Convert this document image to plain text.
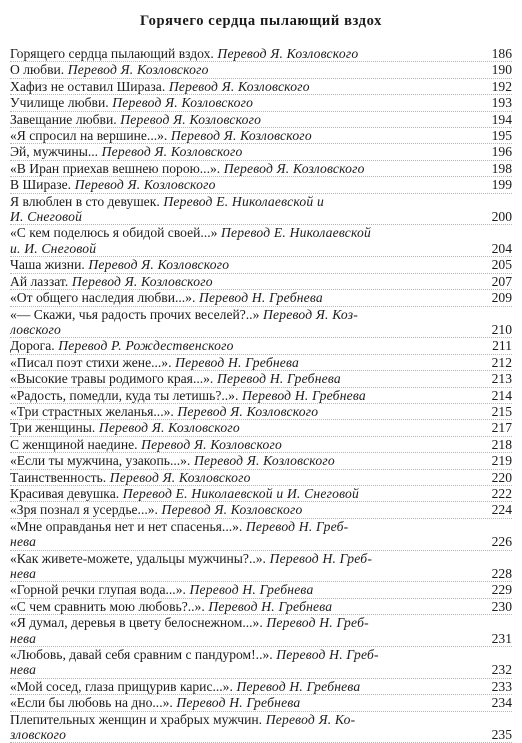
Горячего сердца пылающий вздох
Горящего сердца пылающий вздох. Перевод Я. Козловского	186
О любви. Перевод Я. Козловского	190
Хафиз не оставил Шираза. Перевод Я. Козловского	192
Училище любви. Перевод Я. Козловского	193
Завещание любви. Перевод Я. Козловского	194
«Я спросил на вершине...». Перевод Я. Козловского	195
Эй, мужчины... Перевод Я. Козловского	196
«В Иран приехав вешнею порою...». Перевод Я. Козловского	198
В Ширазе. Перевод Я. Козловского	199
Я влюблен в сто девушек. Перевод Е. Николаевской и
И. Снеговой	200
«С кем поделюсь я обидой своей...» Перевод Е. Николаевской
и. И. Снеговой	204
Чаша жизни. Перевод Я. Козловского	205
Ай лаззат. Перевод Я. Козловского	207
«От общего наследия любви...». Перевод Н. Гребнева	209
«— Скажи, чья радость прочих веселей?..» Перевод Я. Коз-
ловского	210
Дорога. Перевод Р. Рождественского	211
«Писал поэт стихи жене...». Перевод Н. Гребнева	212
«Высокие травы родимого края...». Перевод Н. Гребнева	213
«Радость, помедли, куда ты летишь?..». Перевод Н. Гребнева	214
«Три страстных желанья...». Перевод Я. Козловского	215
Три женщины. Перевод Я. Козловского	217
С женщиной наедине. Перевод Я. Козловского	218
«Если ты мужчина, узакопь...». Перевод Я. Козловского	219
Таинственность. Перевод Я. Козловского	220
Красивая девушка. Перевод Е. Николаевской и И. Снеговой	222
«Зря познал я усердье...». Перевод Я. Козловского	224
«Мне оправданья нет и нет спасенья...». Перевод Н. Греб-
нева	226
«Как живете-можете, удальцы мужчины?..». Перевод Н. Греб-
нева	228
«Горной речки глупая вода...». Перевод Н. Гребнева	229
«С чем сравнить мою любовь?..». Перевод Н. Гребнева	230
«Я думал, деревья в цвету белоснежном...». Перевод Н. Греб-
нева	231
«Любовь, давай себя сравним с пандуром!..». Перевод Н. Греб-
нева	232
«Мой сосед, глаза прищурив карис...». Перевод Н. Гребнева	233
«Если бы любовь на дно...». Перевод Н. Гребнева	234
Плепительных женщин и храбрых мужчин. Перевод Я. Ко-
зловского	235
